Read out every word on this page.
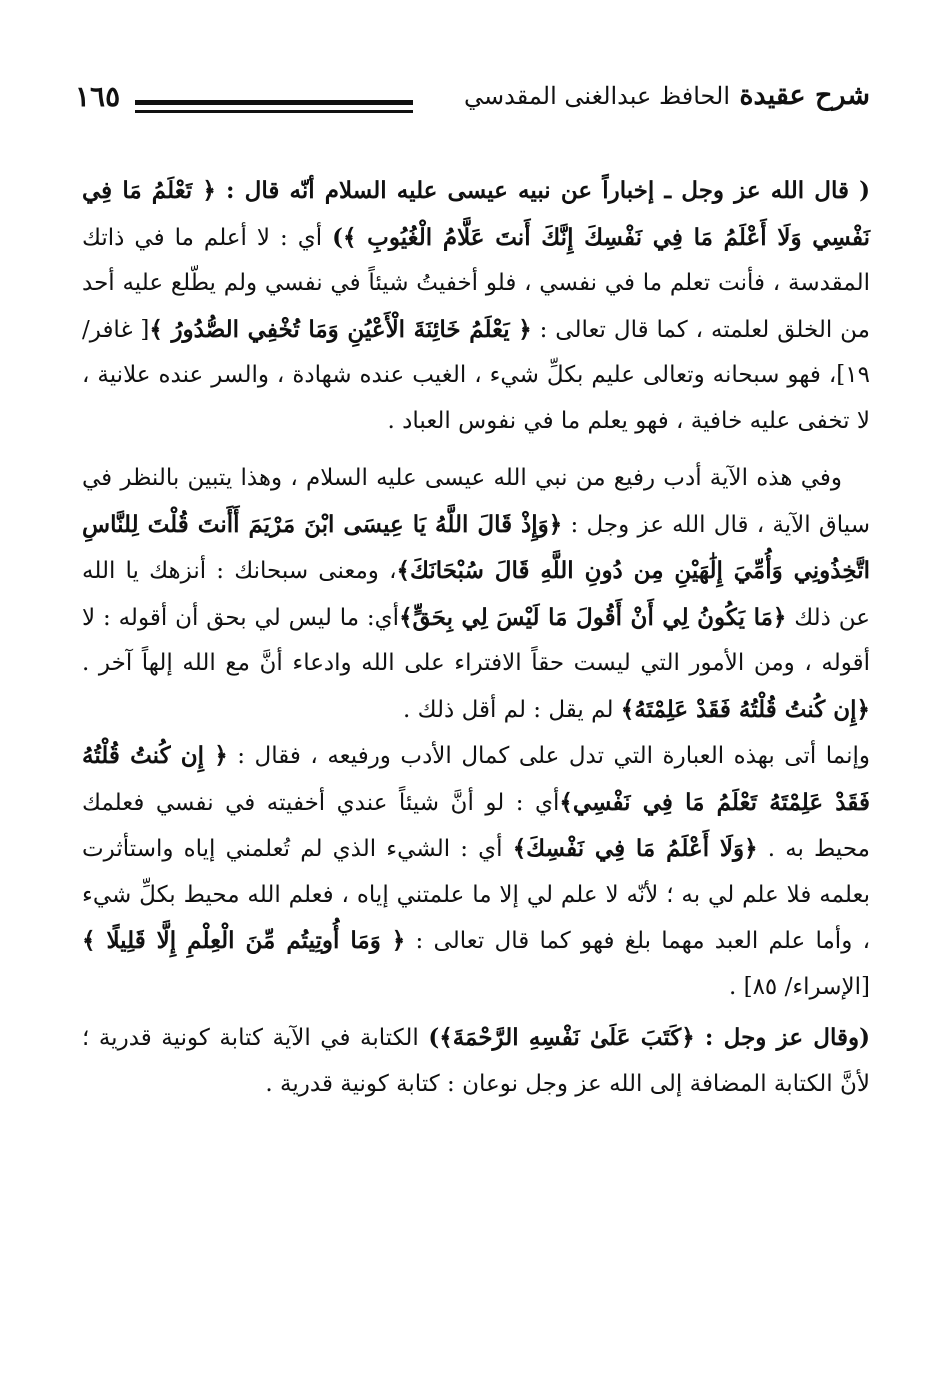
شرح عقيدة الحافظ عبدالغنى المقدسي
١٦٥

( قال الله عز وجل ـ إخباراً عن نبيه عيسى عليه السلام أنّه قال : ﴿ تَعْلَمُ مَا فِي نَفْسِي وَلَا أَعْلَمُ مَا فِي نَفْسِكَ إِنَّكَ أَنتَ عَلَّامُ الْغُيُوبِ ﴾) أي : لا أعلم ما في ذاتك المقدسة ، فأنت تعلم ما في نفسي ، فلو أخفيتُ شيئاً في نفسي ولم يطّلع عليه أحد من الخلق لعلمته ، كما قال تعالى : ﴿ يَعْلَمُ خَائِنَةَ الْأَعْيُنِ وَمَا تُخْفِي الصُّدُورُ ﴾[ غافر/ ١٩]، فهو سبحانه وتعالى عليم بكلِّ شيء ، الغيب عنده شهادة ، والسر عنده علانية ، لا تخفى عليه خافية ، فهو يعلم ما في نفوس العباد .

وفي هذه الآية أدب رفيع من نبي الله عيسى عليه السلام ، وهذا يتبين بالنظر في سياق الآية ، قال الله عز وجل : ﴿وَإِذْ قَالَ اللَّهُ يَا عِيسَى ابْنَ مَرْيَمَ أَأَنتَ قُلْتَ لِلنَّاسِ اتَّخِذُونِي وَأُمِّيَ إِلَٰهَيْنِ مِن دُونِ اللَّهِ قَالَ سُبْحَانَكَ﴾، ومعنى سبحانك : أنزهك يا الله عن ذلك ﴿مَا يَكُونُ لِي أَنْ أَقُولَ مَا لَيْسَ لِي بِحَقٍّ﴾أي: ما ليس لي بحق أن أقوله : لا أقوله ، ومن الأمور التي ليست حقاً الافتراء على الله وادعاء أنَّ مع الله إلهاً آخر . ﴿إِن كُنتُ قُلْتُهُ فَقَدْ عَلِمْتَهُ﴾ لم يقل : لم أقل ذلك .

وإنما أتى بهذه العبارة التي تدل على كمال الأدب ورفيعه ، فقال : ﴿ إِن كُنتُ قُلْتُهُ فَقَدْ عَلِمْتَهُ تَعْلَمُ مَا فِي نَفْسِي﴾أي : لو أنَّ شيئاً عندي أخفيته في نفسي فعلمك محيط به . ﴿وَلَا أَعْلَمُ مَا فِي نَفْسِكَ﴾ أي : الشيء الذي لم تُعلمني إياه واستأثرت بعلمه فلا علم لي به ؛ لأنّه لا علم لي إلا ما علمتني إياه ، فعلم الله محيط بكلِّ شيء ، وأما علم العبد مهما بلغ فهو كما قال تعالى : ﴿ وَمَا أُوتِيتُم مِّنَ الْعِلْمِ إِلَّا قَلِيلًا ﴾[الإسراء/ ٨٥] .

(وقال عز وجل : ﴿كَتَبَ عَلَىٰ نَفْسِهِ الرَّحْمَةَ﴾) الكتابة في الآية كتابة كونية قدرية ؛ لأنَّ الكتابة المضافة إلى الله عز وجل نوعان : كتابة كونية قدرية .
